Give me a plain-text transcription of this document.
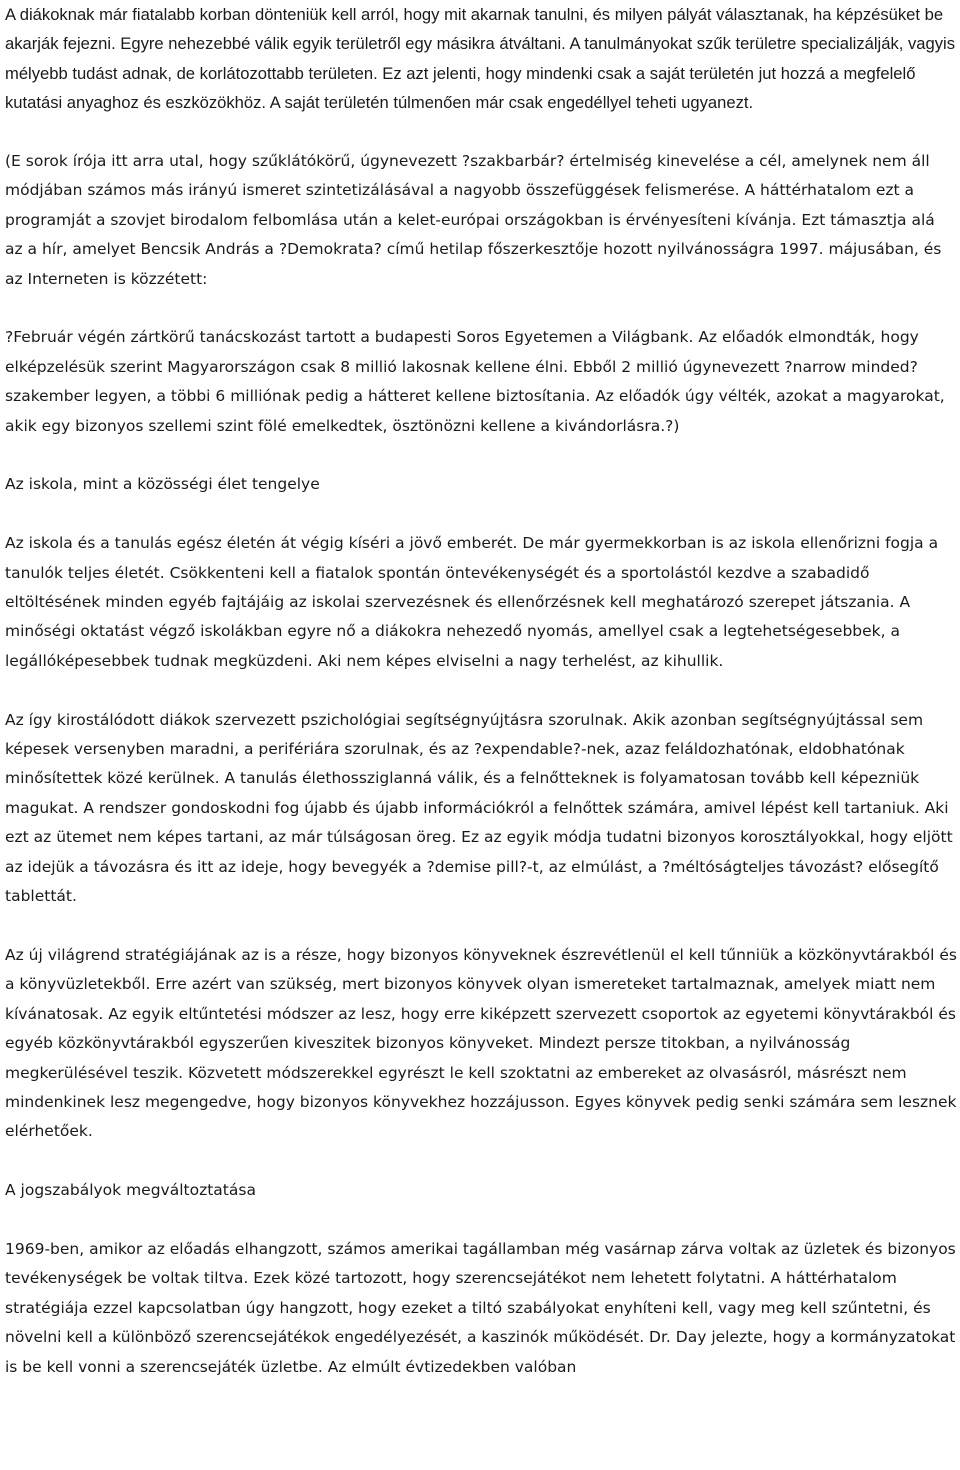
A diákoknak már fiatalabb korban dönteniük kell arról, hogy mit akarnak tanulni, és milyen pályát választanak, ha képzésüket be akarják fejezni. Egyre nehezebbé válik egyik területről egy másikra átváltani. A tanulmányokat szűk területre specializálják, vagyis mélyebb tudást adnak, de korlátozottabb területen. Ez azt jelenti, hogy mindenki csak a saját területén jut hozzá a megfelelő kutatási anyaghoz és eszközökhöz. A saját területén túlmenően már csak engedéllyel teheti ugyanezt.

(E sorok írója itt arra utal, hogy szűklátókörű, úgynevezett ?szakbarbár? értelmiség kinevelése a cél, amelynek nem áll módjában számos más irányú ismeret szintetizálásával a nagyobb összefüggések felismerése. A háttérhatalom ezt a programját a szovjet birodalom felbomlása után a kelet-európai országokban is érvényesíteni kívánja. Ezt támasztja alá az a hír, amelyet Bencsik András a ?Demokrata? című hetilap főszerkesztője hozott nyilvánosságra 1997. májusában, és az Interneten is közzétett:

?Február végén zártkörű tanácskozást tartott a budapesti Soros Egyetemen a Világbank. Az előadók elmondták, hogy elképzelésük szerint Magyarországon csak 8 millió lakosnak kellene élni. Ebből 2 millió úgynevezett ?narrow minded? szakember legyen, a többi 6 milliónak pedig a hátteret kellene biztosítania. Az előadók úgy vélték, azokat a magyarokat, akik egy bizonyos szellemi szint fölé emelkedtek, ösztönözni kellene a kivándorlásra.?)

Az iskola, mint a közösségi élet tengelye

Az iskola és a tanulás egész életén át végig kíséri a jövő emberét. De már gyermekkorban is az iskola ellenőrizni fogja a tanulók teljes életét. Csökkenteni kell a fiatalok spontán öntevékenységét és a sportolástól kezdve a szabadidő eltöltésének minden egyéb fajtájáig az iskolai szervezésnek és ellenőrzésnek kell meghatározó szerepet játszania. A minőségi oktatást végző iskolákban egyre nő a diákokra nehezedő nyomás, amellyel csak a legtehetségesebbek, a legállóképesebbek tudnak megküzdeni. Aki nem képes elviselni a nagy terhelést, az kihullik.

Az így kirostálódott diákok szervezett pszichológiai segítségnyújtásra szorulnak. Akik azonban segítségnyújtással sem képesek versenyben maradni, a perifériára szorulnak, és az ?expendable?-nek, azaz feláldozhatónak, eldobhatónak minősítettek közé kerülnek. A tanulás élethossziglanná válik, és a felnőtteknek is folyamatosan tovább kell képezniük magukat. A rendszer gondoskodni fog újabb és újabb információkról a felnőttek számára, amivel lépést kell tartaniuk. Aki ezt az ütemet nem képes tartani, az már túlságosan öreg. Ez az egyik módja tudatni bizonyos korosztályokkal, hogy eljött az idejük a távozásra és itt az ideje, hogy bevegyék a ?demise pill?-t, az elmúlást, a ?méltóságteljes távozást? elősegítő tablettát.

Az új világrend stratégiájának az is a része, hogy bizonyos könyveknek észrevétlenül el kell tűnniük a közkönyvtárakból és a könyvüzletekből. Erre azért van szükség, mert bizonyos könyvek olyan ismereteket tartalmaznak, amelyek miatt nem kívánatosak. Az egyik eltűntetési módszer az lesz, hogy erre kiképzett szervezett csoportok az egyetemi könyvtárakból és egyéb közkönyvtárakból egyszerűen kiveszitek bizonyos könyveket. Mindezt persze titokban, a nyilvánosság megkerülésével teszik. Közvetett módszerekkel egyrészt le kell szoktatni az embereket az olvasásról, másrészt nem mindenkinek lesz megengedve, hogy bizonyos könyvekhez hozzájusson. Egyes könyvek pedig senki számára sem lesznek elérhetőek.

A jogszabályok megváltoztatása

1969-ben, amikor az előadás elhangzott, számos amerikai tagállamban még vasárnap zárva voltak az üzletek és bizonyos tevékenységek be voltak tiltva. Ezek közé tartozott, hogy szerencsejátékot nem lehetett folytatni. A háttérhatalom stratégiája ezzel kapcsolatban úgy hangzott, hogy ezeket a tiltó szabályokat enyhíteni kell, vagy meg kell szűntetni, és növelni kell a különböző szerencsejátékok engedélyezését, a kaszinók működését. Dr. Day jelezte, hogy a kormányzatokat is be kell vonni a szerencsejáték üzletbe. Az elmúlt évtizedekben valóban
